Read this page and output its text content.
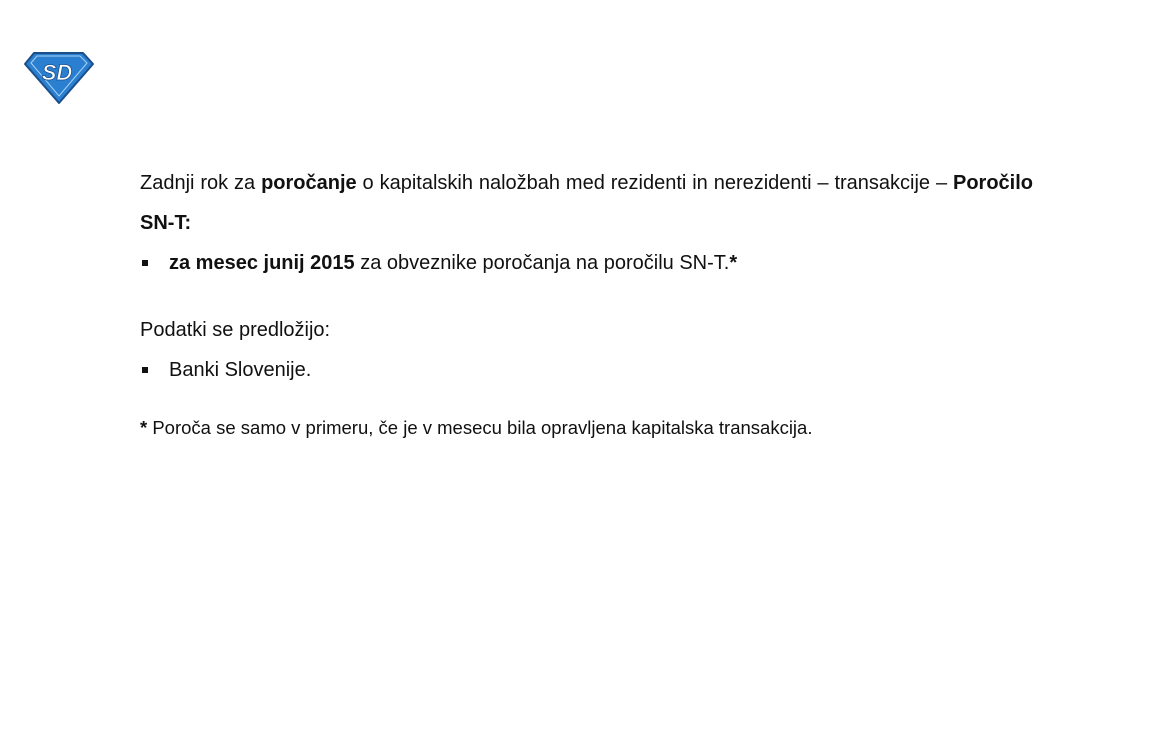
SD

Zadnji rok za poročanje o kapitalskih naložbah med rezidenti in nerezidenti – transakcije – Poročilo SN-T:

za mesec junij 2015 za obveznike poročanja na poročilu SN-T.*

Podatki se predložijo:

Banki Slovenije.

* Poroča se samo v primeru, če je v mesecu bila opravljena kapitalska transakcija.
